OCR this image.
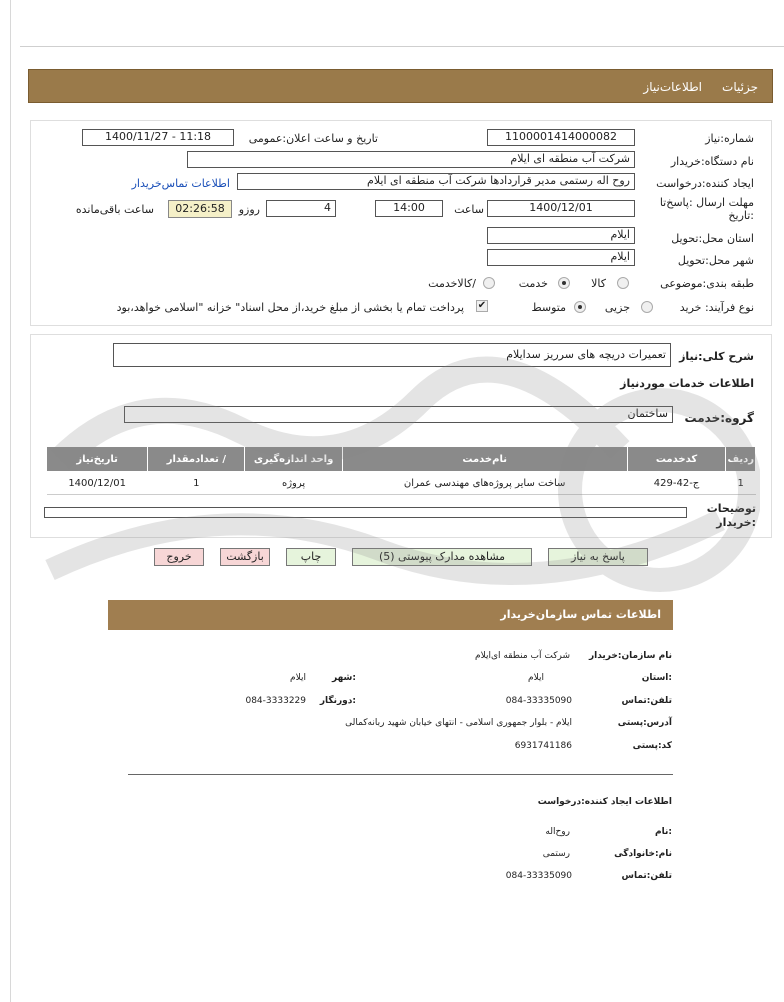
جزئیات
اطلاعات‌نیاز
شماره:نیاز
1100001414000082
تاریخ و ساعت اعلان:عمومی
1400/11/27 - 11:18
نام دستگاه:خریدار
شرکت آب منطقه ای ایلام
ایجاد کننده:درخواست
روح اله رستمی مدیر قراردادها شرکت آب منطقه ای ایلام
اطلاعات تماس‌خریدار
مهلت ارسال :پاسخ‌تا :تاریخ
1400/12/01
ساعت
14:00
4
روزو
02:26:58
ساعت باقی‌مانده
استان محل:تحویل
ایلام
شهر محل:تحویل
ایلام
طبقه بندی:موضوعی
کالا
خدمت
/کالاخدمت
نوع فرآیند: خرید
جزیی
متوسط
✔
پرداخت تمام یا بخشی از مبلغ خرید،از محل اسناد" خزانه "اسلامی خواهد،بود
شرح کلی:نیاز
تعمیرات دریچه های سرریز سدایلام
اطلاعات خدمات موردنیاز
گروه:خدمت
ساختمان
ردیف	کدخدمت	نام‌خدمت	واحد اندازه‌گیری	/ تعدادمقدار	تاریخ‌نیاز
1	ج-42-429	ساخت سایر پروژه‌های مهندسی عمران	پروژه	1	1400/12/01
توضیحات
:خریدار
پاسخ به نیاز
مشاهده مدارک پیوستی (5)
چاپ
بازگشت
خروج
اطلاعات تماس سازمان‌خریدار
نام سازمان:خریدار
شرکت آب منطقه ای‌ایلام
:استان
ایلام
:شهر
ایلام
تلفن:تماس
084-33335090
:دورنگار
084-3333229
آدرس:پستی
ایلام - بلوار جمهوری اسلامی - انتهای خیابان شهید ربانه‌کمالی
کد:پستی
6931741186
اطلاعات ایجاد کننده:درخواست
:نام
روح‌اله
نام:خانوادگی
رستمی
تلفن:تماس
084-33335090
